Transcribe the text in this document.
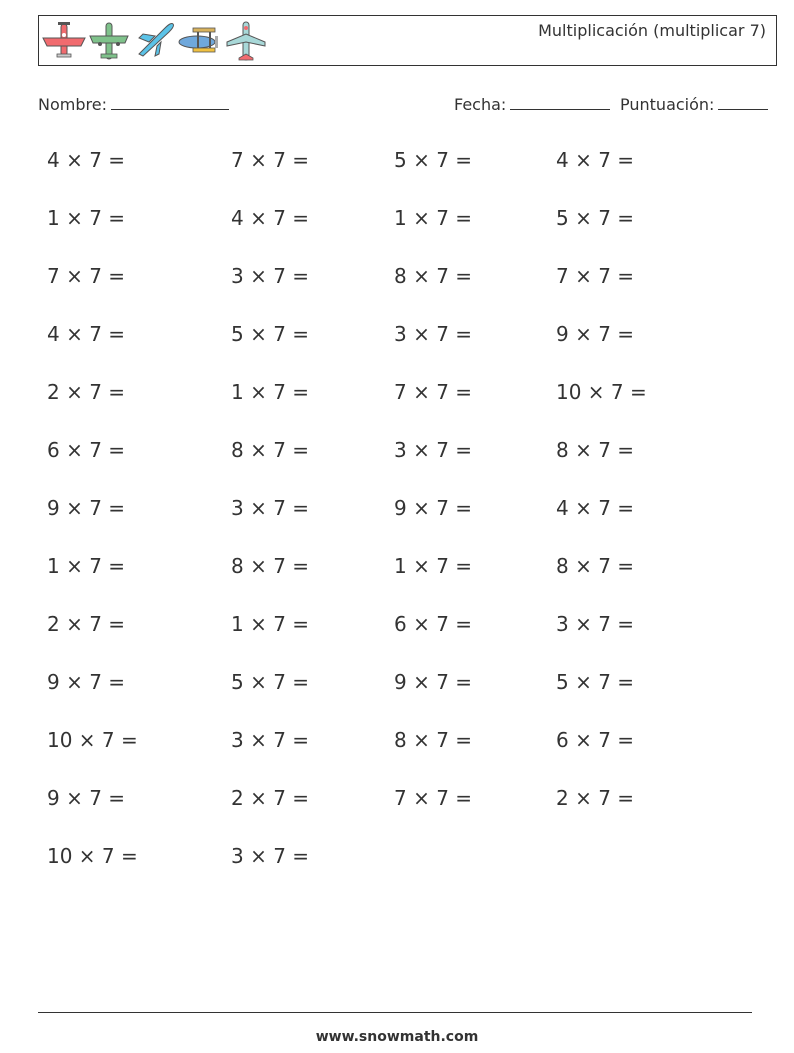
Multiplicación (multiplicar 7)
Nombre:	Fecha:	Puntuación:
4 × 7 =	7 × 7 =	5 × 7 =	4 × 7 =
1 × 7 =	4 × 7 =	1 × 7 =	5 × 7 =
7 × 7 =	3 × 7 =	8 × 7 =	7 × 7 =
4 × 7 =	5 × 7 =	3 × 7 =	9 × 7 =
2 × 7 =	1 × 7 =	7 × 7 =	10 × 7 =
6 × 7 =	8 × 7 =	3 × 7 =	8 × 7 =
9 × 7 =	3 × 7 =	9 × 7 =	4 × 7 =
1 × 7 =	8 × 7 =	1 × 7 =	8 × 7 =
2 × 7 =	1 × 7 =	6 × 7 =	3 × 7 =
9 × 7 =	5 × 7 =	9 × 7 =	5 × 7 =
10 × 7 =	3 × 7 =	8 × 7 =	6 × 7 =
9 × 7 =	2 × 7 =	7 × 7 =	2 × 7 =
10 × 7 =	3 × 7 =
www.snowmath.com
